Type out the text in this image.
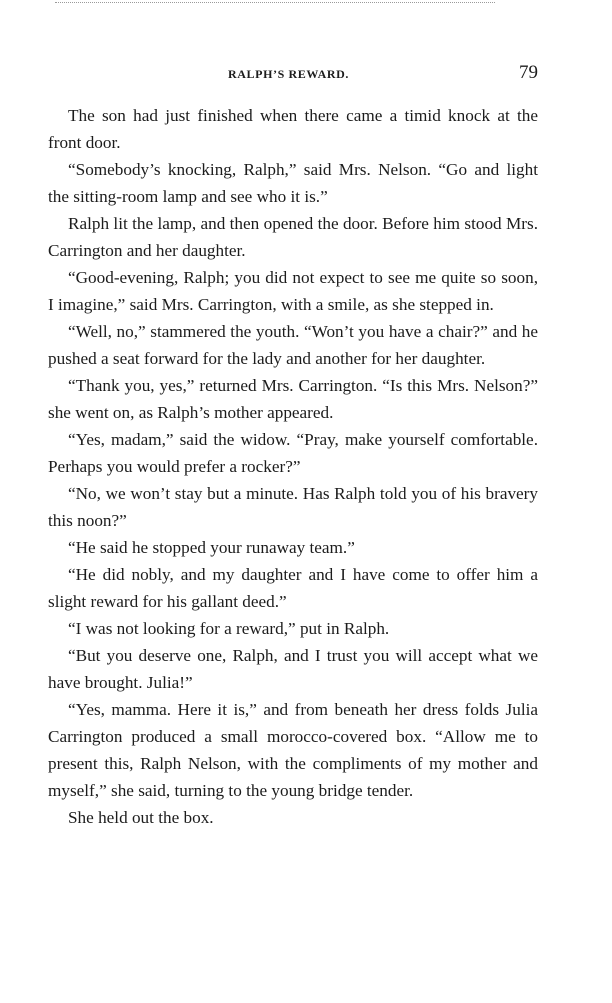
RALPH’S REWARD.	79

The son had just finished when there came a timid knock at the front door.

“Somebody’s knocking, Ralph,” said Mrs. Nelson. “Go and light the sitting-room lamp and see who it is.”

Ralph lit the lamp, and then opened the door. Before him stood Mrs. Carrington and her daughter.

“Good-evening, Ralph; you did not expect to see me quite so soon, I imagine,” said Mrs. Carrington, with a smile, as she stepped in.

“Well, no,” stammered the youth. “Won’t you have a chair?” and he pushed a seat forward for the lady and another for her daughter.

“Thank you, yes,” returned Mrs. Carrington. “Is this Mrs. Nelson?” she went on, as Ralph’s mother appeared.

“Yes, madam,” said the widow. “Pray, make yourself comfortable. Perhaps you would prefer a rocker?”

“No, we won’t stay but a minute. Has Ralph told you of his bravery this noon?”

“He said he stopped your runaway team.”

“He did nobly, and my daughter and I have come to offer him a slight reward for his gallant deed.”

“I was not looking for a reward,” put in Ralph.

“But you deserve one, Ralph, and I trust you will accept what we have brought. Julia!”

“Yes, mamma. Here it is,” and from beneath her dress folds Julia Carrington produced a small morocco-covered box. “Allow me to present this, Ralph Nelson, with the compliments of my mother and myself,” she said, turning to the young bridge tender.

She held out the box.
